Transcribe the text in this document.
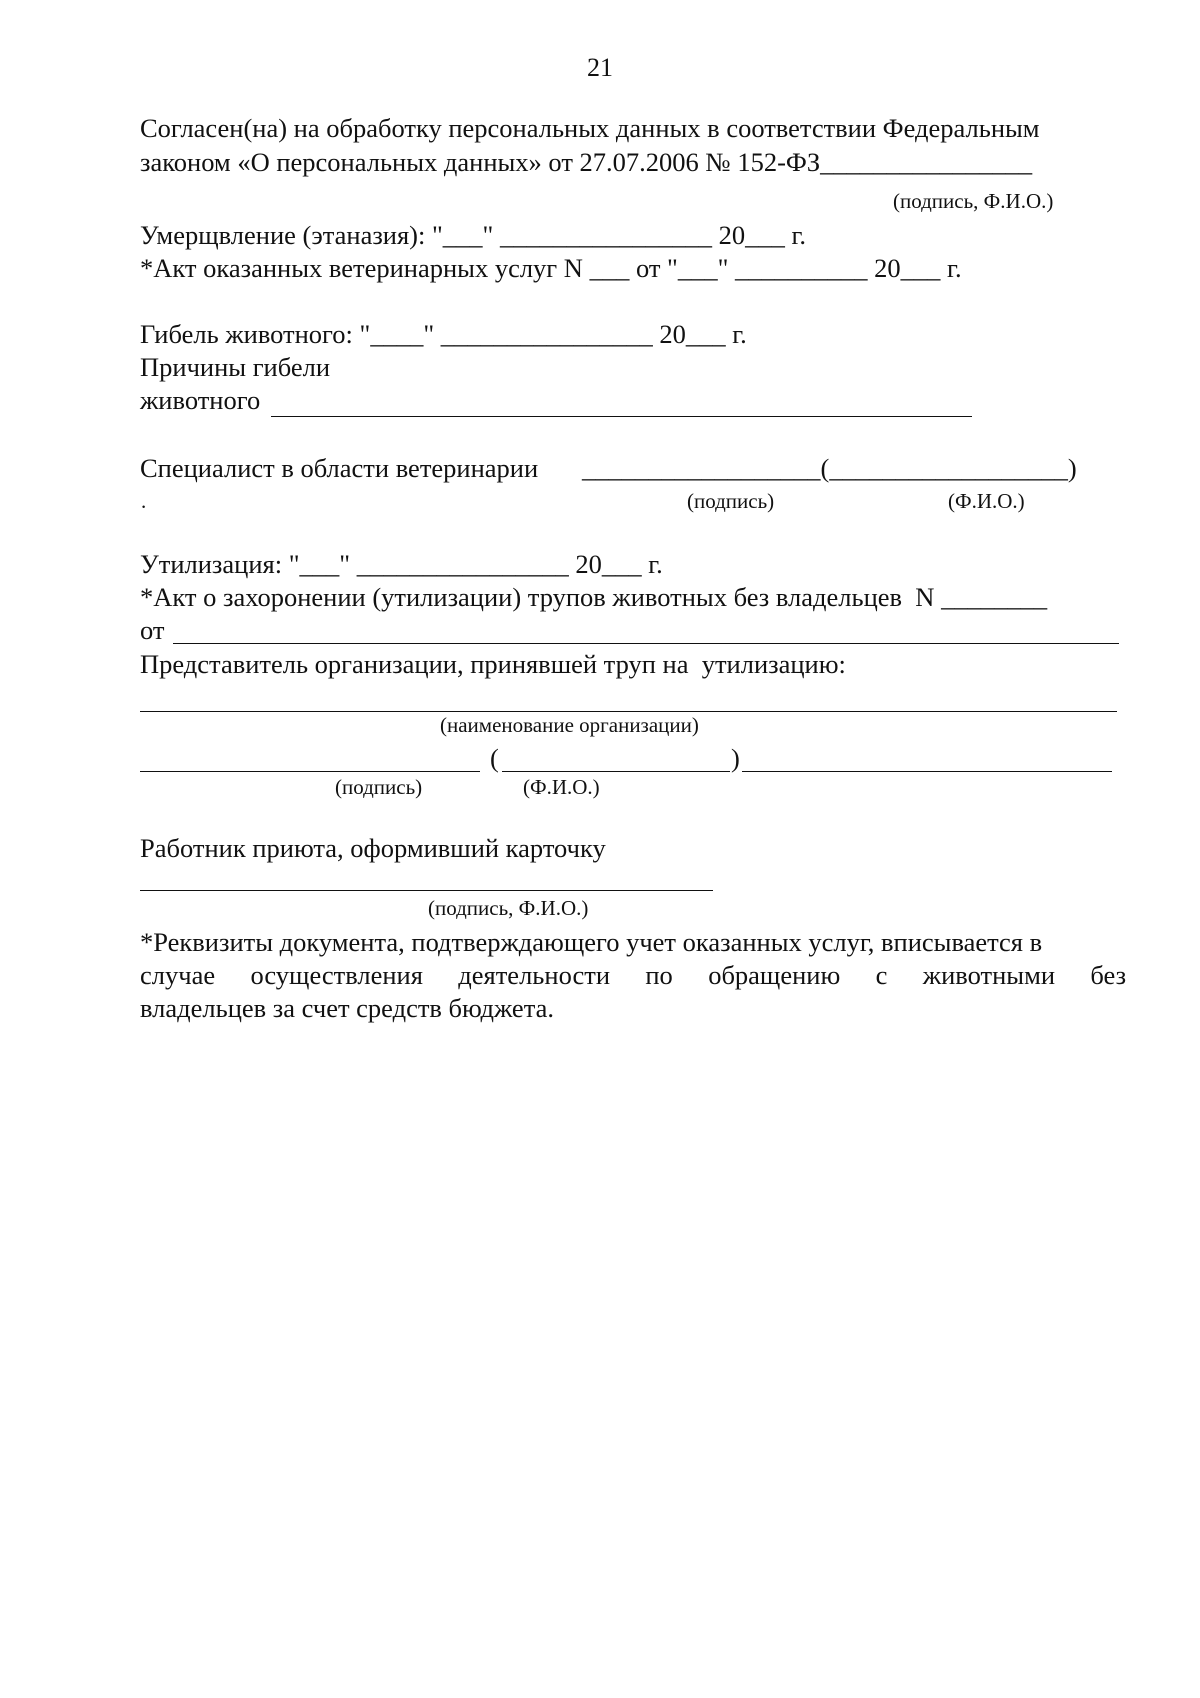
21
Согласен(на) на обработку персональных данных в соответствии Федеральным
законом «О персональных данных» от 27.07.2006 № 152-ФЗ________________
(подпись, Ф.И.О.)
Умерщвление (этаназия): "___" ________________ 20___ г.
*Акт оказанных ветеринарных услуг N ___ от "___" __________ 20___ г.
Гибель животного: "____" ________________ 20___ г.
Причины гибели
животного
Специалист в области ветеринарии __________________(__________________)
.	(подпись)	(Ф.И.О.)
Утилизация: "___" ________________ 20___ г.
*Акт о захоронении (утилизации) трупов животных без владельцев  N ________
от
Представитель организации, принявшей труп на  утилизацию:
(наименование организации)
(	)
(подпись)	(Ф.И.О.)
Работник приюта, оформивший карточку
(подпись, Ф.И.О.)
*Реквизиты документа, подтверждающего учет оказанных услуг, вписывается в
случае осуществления деятельности по обращению с животными без
владельцев за счет средств бюджета.
